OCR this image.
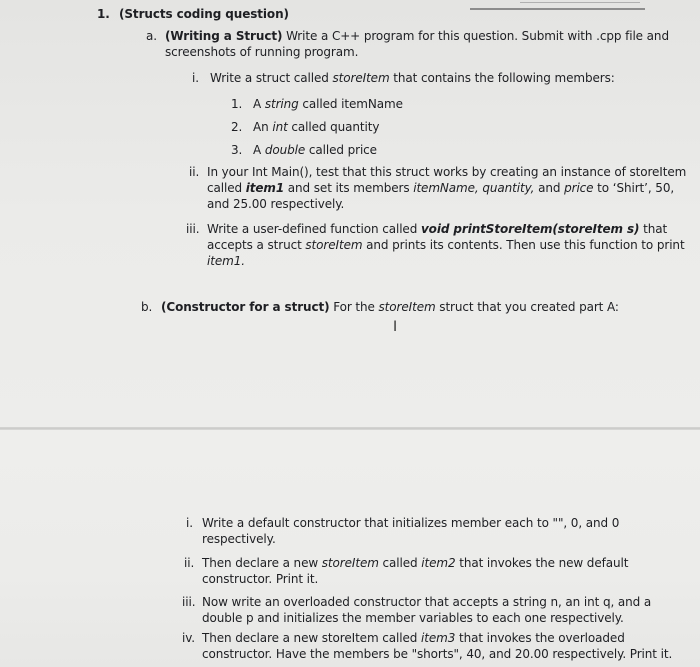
1. (Structs coding question)
a. (Writing a Struct) Write a C++ program for this question. Submit with .cpp file and
screenshots of running program.
i. Write a struct called storeItem that contains the following members:
1. A string called itemName
2. An int called quantity
3. A double called price
ii. In your Int Main(), test that this struct works by creating an instance of storeItem
called item1 and set its members itemName, quantity, and price to ‘Shirt’, 50,
and 25.00 respectively.
iii. Write a user-defined function called void printStoreItem(storeItem s) that
accepts a struct storeItem and prints its contents. Then use this function to print
item1.
b. (Constructor for a struct) For the storeItem struct that you created part A:
I
i. Write a default constructor that initializes member each to "", 0, and 0
respectively.
ii. Then declare a new storeItem called item2 that invokes the new default
constructor. Print it.
iii. Now write an overloaded constructor that accepts a string n, an int q, and a
double p and initializes the member variables to each one respectively.
iv. Then declare a new storeItem called item3 that invokes the overloaded
constructor. Have the members be "shorts", 40, and 20.00 respectively. Print it.
